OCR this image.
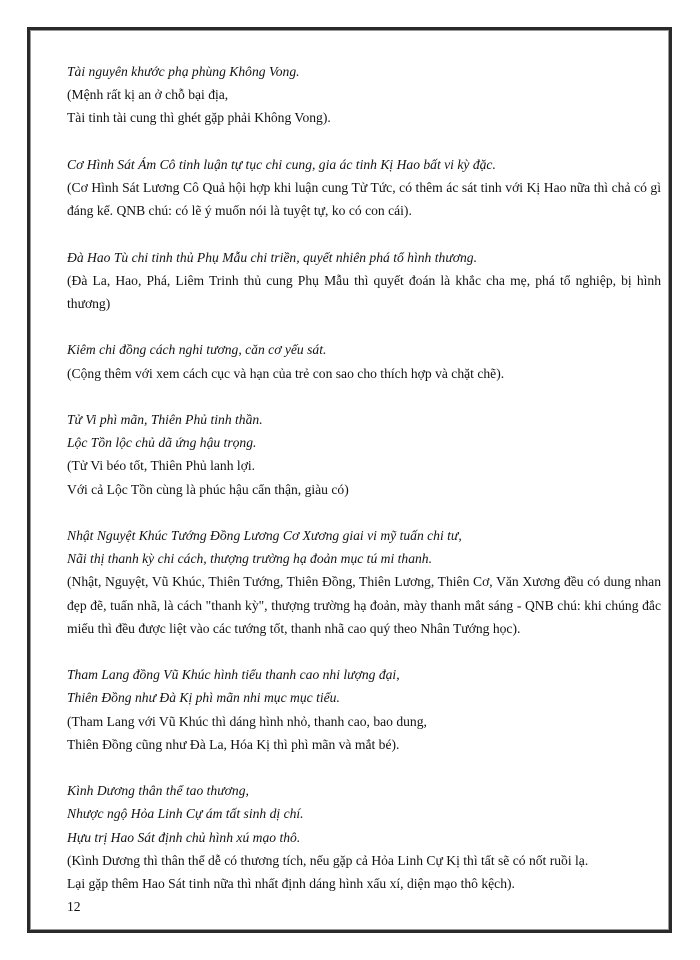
Tài nguyên khước phạ phùng Không Vong.
(Mệnh rất kị an ở chỗ bại địa,
Tài tinh tài cung thì ghét gặp phải Không Vong).
Cơ Hình Sát Ám Cô tinh luận tự tục chi cung, gia ác tinh Kị Hao bất vi kỳ đặc.
(Cơ Hình Sát Lương Cô Quả hội hợp khi luận cung Tử Tức, có thêm ác sát tinh với Kị Hao nữa thì chả có gì đáng kể. QNB chú: có lẽ ý muốn nói là tuyệt tự, ko có con cái).
Đà Hao Tù chi tinh thủ Phụ Mẫu chi triền, quyết nhiên phá tổ hình thương.
(Đà La, Hao, Phá, Liêm Trinh thủ cung Phụ Mẫu thì quyết đoán là khắc cha mẹ, phá tổ nghiệp, bị hình thương)
Kiêm chi đồng cách nghi tương, căn cơ yếu sát.
(Cộng thêm với xem cách cục và hạn của trẻ con sao cho thích hợp và chặt chẽ).
Tử Vi phì mãn, Thiên Phủ tinh thần.
Lộc Tồn lộc chủ dã ứng hậu trọng.
(Tử Vi béo tốt, Thiên Phủ lanh lợi.
Với cả Lộc Tồn cùng là phúc hậu cẩn thận, giàu có)
Nhật Nguyệt Khúc Tướng Đồng Lương Cơ Xương giai vi mỹ tuấn chi tư,
Nãi thị thanh kỳ chi cách, thượng trường hạ đoản mục tú mi thanh.
(Nhật, Nguyệt, Vũ Khúc, Thiên Tướng, Thiên Đồng, Thiên Lương, Thiên Cơ, Văn Xương đều có dung nhan đẹp đẽ, tuấn nhã, là cách "thanh kỳ", thượng trường hạ đoản, mày thanh mắt sáng - QNB chú: khi chúng đắc miếu thì đều được liệt vào các tướng tốt, thanh nhã cao quý theo Nhân Tướng học).
Tham Lang đồng Vũ Khúc hình tiểu thanh cao nhi lượng đại,
Thiên Đồng như Đà Kị phì mãn nhi mục mục tiểu.
(Tham Lang với Vũ Khúc thì dáng hình nhỏ, thanh cao, bao dung,
Thiên Đồng cũng như Đà La, Hóa Kị thì phì mãn và mắt bé).
Kình Dương thân thể tao thương,
Nhược ngộ Hỏa Linh Cự ám tất sinh dị chí.
Hựu trị Hao Sát định chủ hình xú mạo thô.
(Kình Dương thì thân thể dễ có thương tích, nếu gặp cả Hỏa Linh Cự Kị thì tất sẽ có nốt ruồi lạ.
Lại gặp thêm Hao Sát tinh nữa thì nhất định dáng hình xấu xí, diện mạo thô kệch).
12
